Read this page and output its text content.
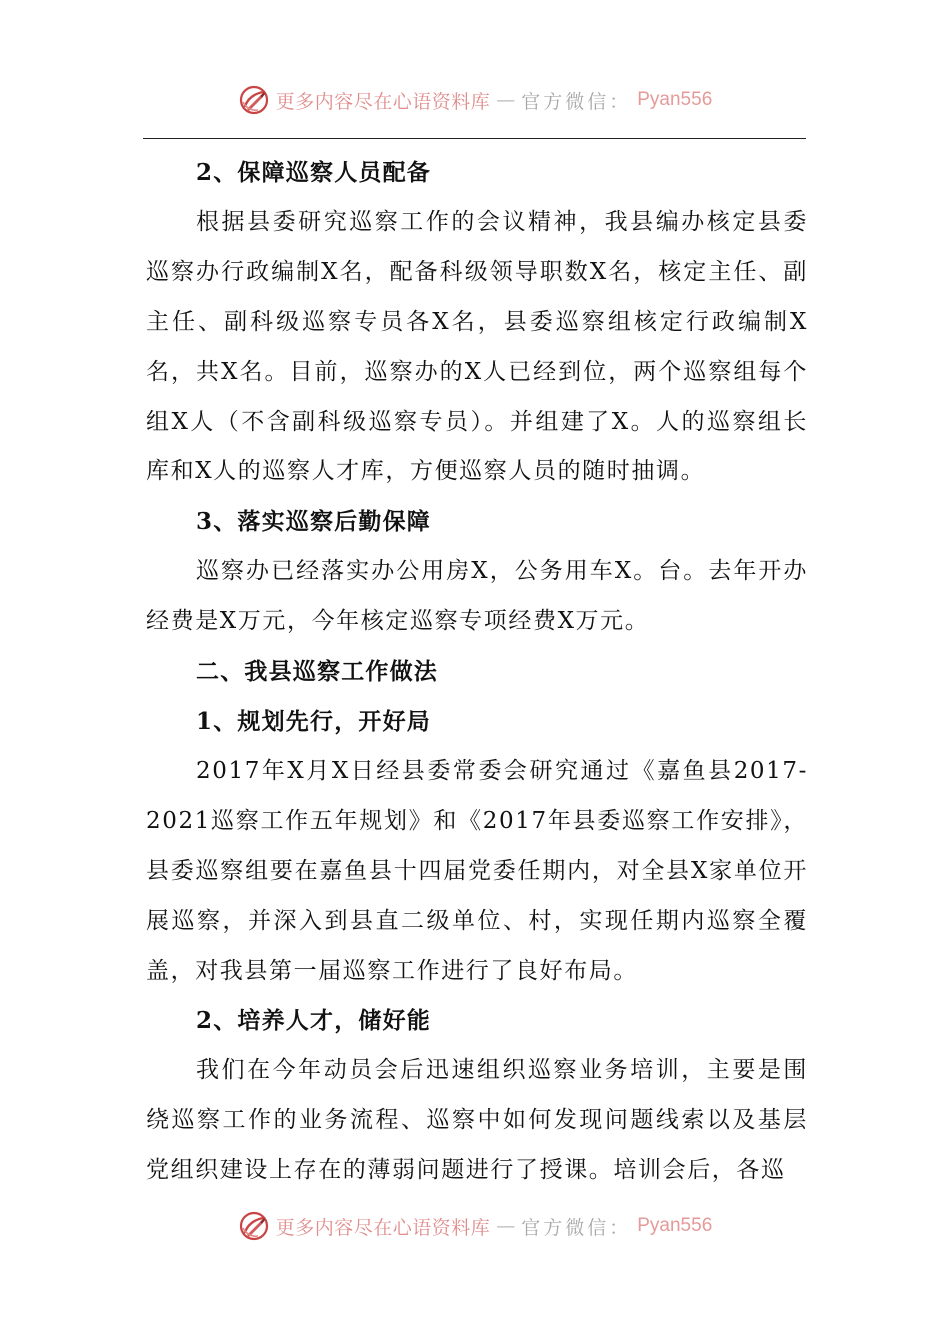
更多内容尽在心语资料库 — 官方微信： Pyan556

2、保障巡察人员配备

根据县委研究巡察工作的会议精神，我县编办核定县委巡察办行政编制X名，配备科级领导职数X名，核定主任、副主任、副科级巡察专员各X名，县委巡察组核定行政编制X名，共X名。目前，巡察办的X人已经到位，两个巡察组每个组X人（不含副科级巡察专员）。并组建了X。人的巡察组长库和X人的巡察人才库，方便巡察人员的随时抽调。

3、落实巡察后勤保障

巡察办已经落实办公用房X，公务用车X。台。去年开办经费是X万元，今年核定巡察专项经费X万元。

二、我县巡察工作做法

1、规划先行，开好局

2017年X月X日经县委常委会研究通过《嘉鱼县2017-2021巡察工作五年规划》和《2017年县委巡察工作安排》，县委巡察组要在嘉鱼县十四届党委任期内，对全县X家单位开展巡察，并深入到县直二级单位、村，实现任期内巡察全覆盖，对我县第一届巡察工作进行了良好布局。

2、培养人才，储好能

我们在今年动员会后迅速组织巡察业务培训，主要是围绕巡察工作的业务流程、巡察中如何发现问题线索以及基层党组织建设上存在的薄弱问题进行了授课。培训会后，各巡

更多内容尽在心语资料库 — 官方微信： Pyan556
